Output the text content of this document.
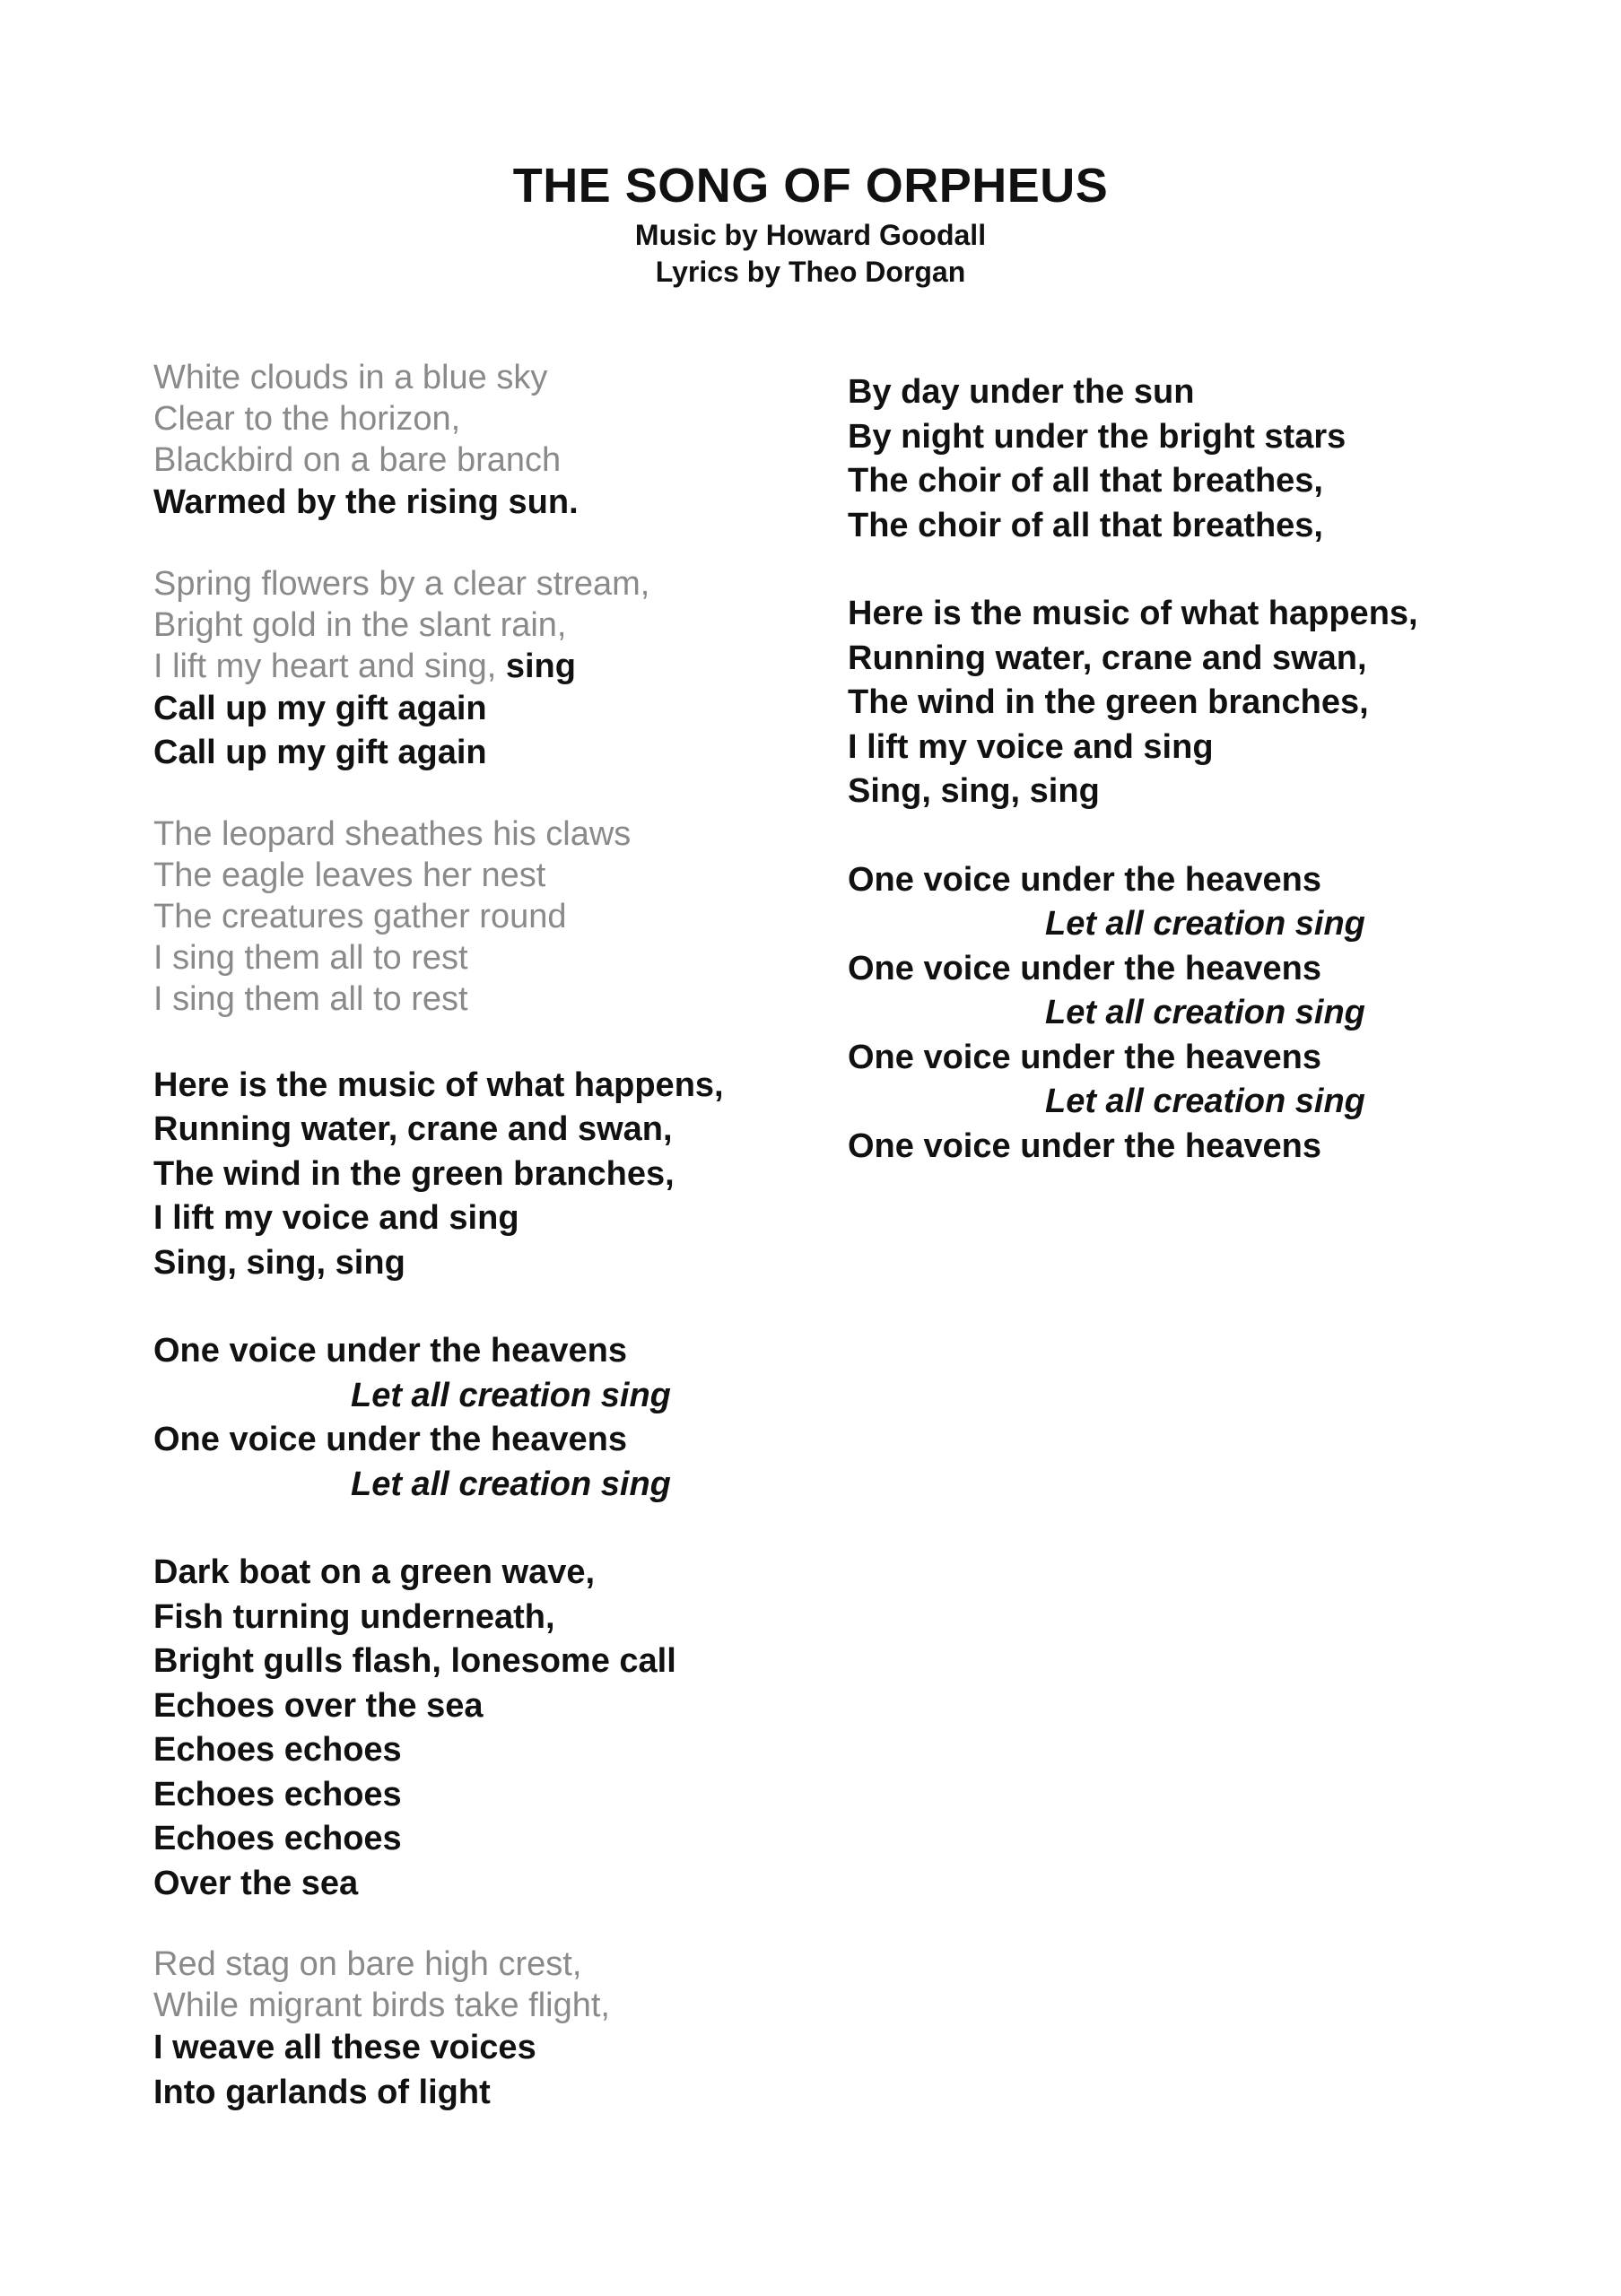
THE SONG OF ORPHEUS
Music by Howard Goodall
Lyrics by Theo Dorgan
White clouds in a blue sky
Clear to the horizon,
Blackbird on a bare branch
Warmed by the rising sun.
Spring flowers by a clear stream,
Bright gold in the slant rain,
I lift my heart and sing, sing
Call up my gift again
Call up my gift again
The leopard sheathes his claws
The eagle leaves her nest
The creatures gather round
I sing them all to rest
I sing them all to rest
Here is the music of what happens,
Running water, crane and swan,
The wind in the green branches,
I lift my voice and sing
Sing, sing, sing
One voice under the heavens
Let all creation sing
One voice under the heavens
Let all creation sing
Dark boat on a green wave,
Fish turning underneath,
Bright gulls flash, lonesome call
Echoes over the sea
Echoes echoes
Echoes echoes
Echoes echoes
Over the sea
Red stag on bare high crest,
While migrant birds take flight,
I weave all these voices
Into garlands of light
By day under the sun
By night under the bright stars
The choir of all that breathes,
The choir of all that breathes,
Here is the music of what happens,
Running water, crane and swan,
The wind in the green branches,
I lift my voice and sing
Sing, sing, sing
One voice under the heavens
Let all creation sing
One voice under the heavens
Let all creation sing
One voice under the heavens
Let all creation sing
One voice under the heavens
